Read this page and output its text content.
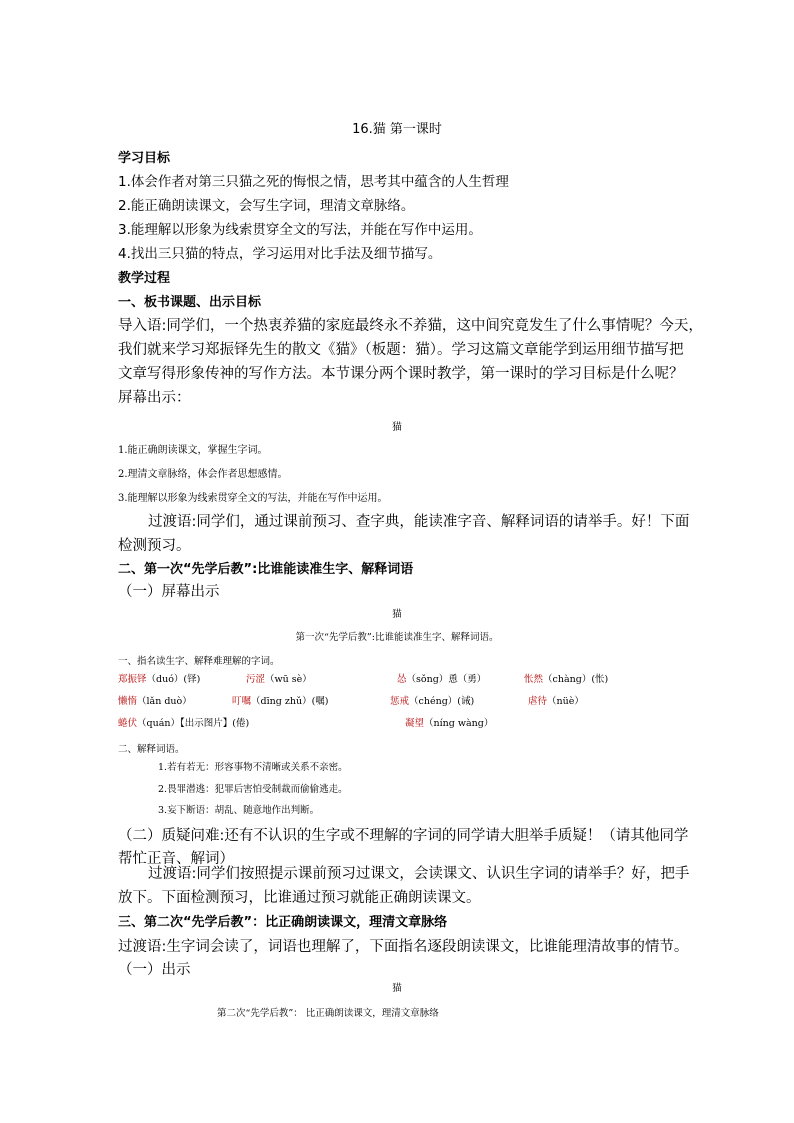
16.猫 第一课时
学习目标
1.体会作者对第三只猫之死的悔恨之情，思考其中蕴含的人生哲理
2.能正确朗读课文，会写生字词，理清文章脉络。
3.能理解以形象为线索贯穿全文的写法，并能在写作中运用。
4.找出三只猫的特点，学习运用对比手法及细节描写。
教学过程
一、板书课题、出示目标
导入语:同学们，一个热衷养猫的家庭最终永不养猫，这中间究竟发生了什么事情呢？今天，
我们就来学习郑振铎先生的散文《猫》（板题：猫）。学习这篇文章能学到运用细节描写把
文章写得形象传神的写作方法。本节课分两个课时教学，第一课时的学习目标是什么呢？
屏幕出示：
猫
1.能正确朗读课文，掌握生字词。
2.理清文章脉络，体会作者思想感情。
3.能理解以形象为线索贯穿全文的写法，并能在写作中运用。
过渡语:同学们，通过课前预习、查字典，能读准字音、解释词语的请举手。好！下面
检测预习。
二、第一次“先学后教”:比谁能读准生字、解释词语
（一）屏幕出示
猫
第一次“先学后教”:比谁能读准生字、解释词语。
一、指名读生字、解释难理解的字词。
郑振铎（duó）(铎)	污涩（wū sè）	怂（sǒng）恿（勇）	怅然（chàng）(怅)
懒惰（lǎn duò）	叮嘱（dīng zhǔ）(嘱)	惩戒（chéng）(诫)	虐待（nüè）
蜷伏（quán）【出示图片】(倦)	凝望（níng wàng）
二、解释词语。
1.若有若无：形容事物不清晰或关系不亲密。
2.畏罪潜逃：犯罪后害怕受制裁而偷偷逃走。
3.妄下断语：胡乱、随意地作出判断。
（二）质疑问难:还有不认识的生字或不理解的字词的同学请大胆举手质疑！（请其他同学
帮忙正音、解词）
过渡语:同学们按照提示课前预习过课文，会读课文、认识生字词的请举手？好，把手
放下。下面检测预习，比谁通过预习就能正确朗读课文。
三、第二次“先学后教”：比正确朗读课文，理清文章脉络
过渡语:生字词会读了，词语也理解了，下面指名逐段朗读课文，比谁能理清故事的情节。
（一）出示
猫
第二次“先学后教”： 比正确朗读课文，理清文章脉络
